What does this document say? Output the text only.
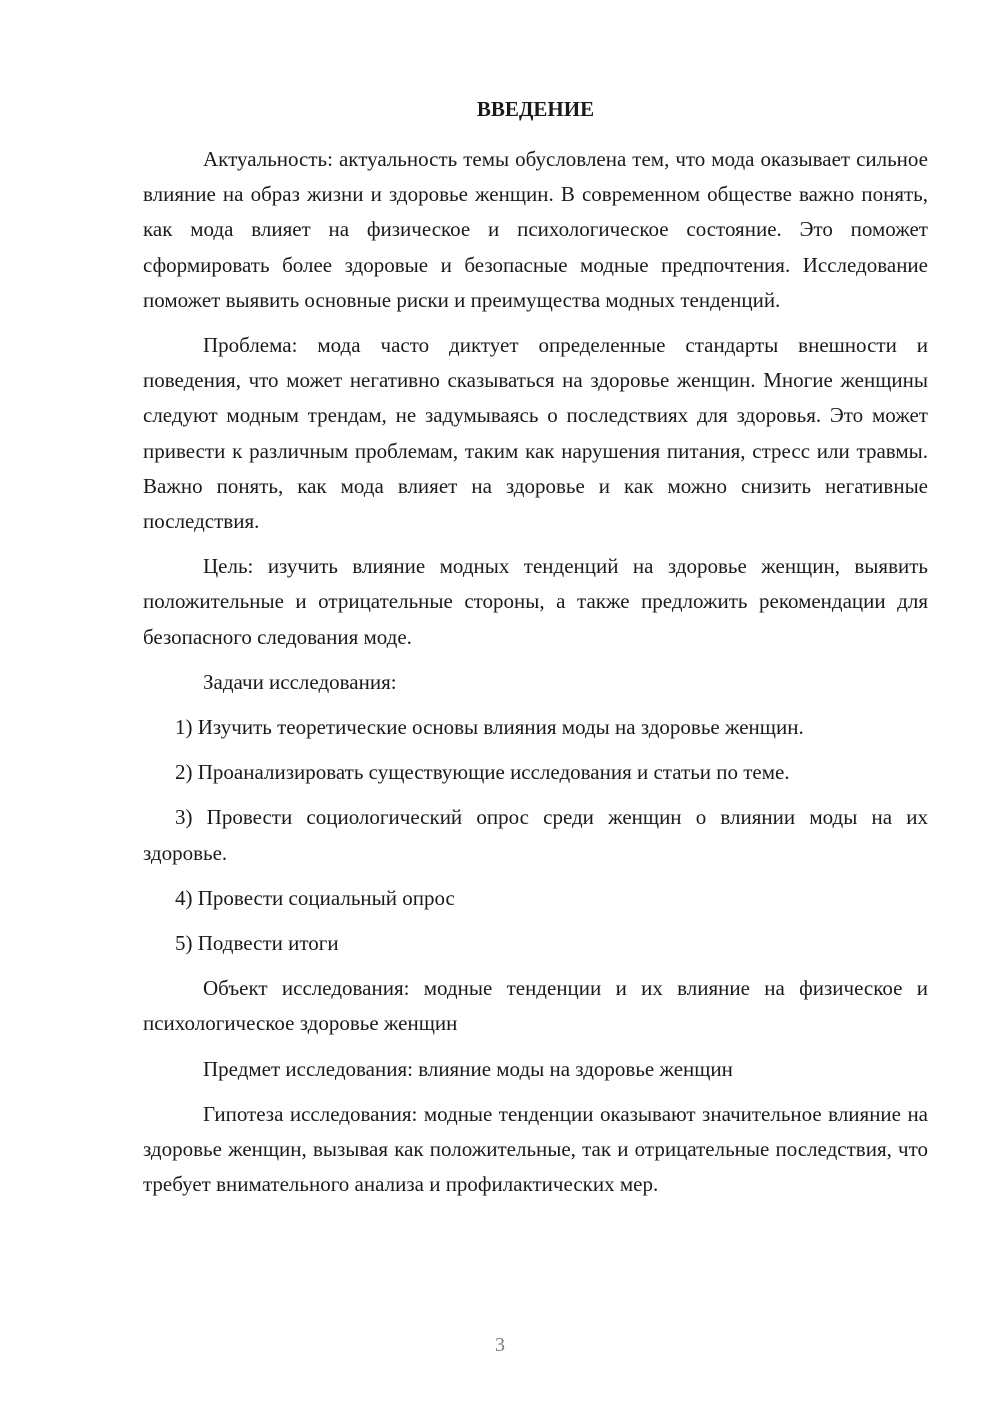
ВВЕДЕНИЕ

Актуальность: актуальность темы обусловлена тем, что мода оказывает сильное влияние на образ жизни и здоровье женщин. В современном обществе важно понять, как мода влияет на физическое и психологическое состояние. Это поможет сформировать более здоровые и безопасные модные предпочтения. Исследование поможет выявить основные риски и преимущества модных тенденций.

Проблема: мода часто диктует определенные стандарты внешности и поведения, что может негативно сказываться на здоровье женщин. Многие женщины следуют модным трендам, не задумываясь о последствиях для здоровья. Это может привести к различным проблемам, таким как нарушения питания, стресс или травмы. Важно понять, как мода влияет на здоровье и как можно снизить негативные последствия.

Цель: изучить влияние модных тенденций на здоровье женщин, выявить положительные и отрицательные стороны, а также предложить рекомендации для безопасного следования моде.

Задачи исследования:

1) Изучить теоретические основы влияния моды на здоровье женщин.

2) Проанализировать существующие исследования и статьи по теме.

3) Провести социологический опрос среди женщин о влиянии моды на их здоровье.

4) Провести социальный опрос

5) Подвести итоги

Объект исследования: модные тенденции и их влияние на физическое и психологическое здоровье женщин

Предмет исследования: влияние моды на здоровье женщин

Гипотеза исследования: модные тенденции оказывают значительное влияние на здоровье женщин, вызывая как положительные, так и отрицательные последствия, что требует внимательного анализа и профилактических мер.

3
